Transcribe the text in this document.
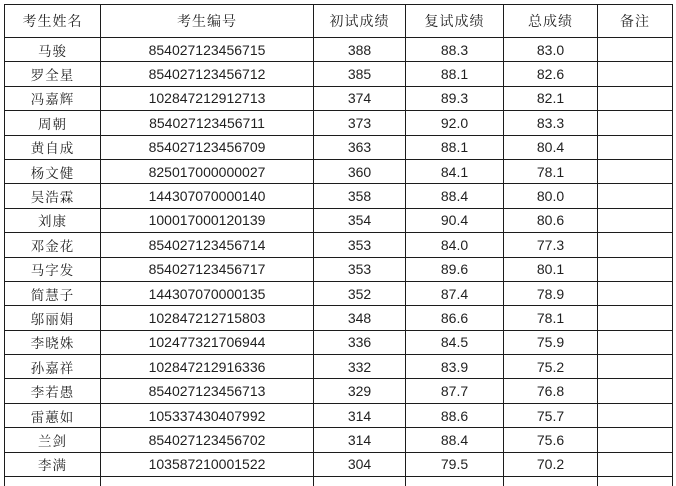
考生姓名	考生编号	初试成绩	复试成绩	总成绩	备注
马骏	854027123456715	388	88.3	83.0	
罗全星	854027123456712	385	88.1	82.6	
冯嘉辉	102847212912713	374	89.3	82.1	
周朝	854027123456711	373	92.0	83.3	
黄自成	854027123456709	363	88.1	80.4	
杨文健	825017000000027	360	84.1	78.1	
吴浩霖	144307070000140	358	88.4	80.0	
刘康	100017000120139	354	90.4	80.6	
邓金花	854027123456714	353	84.0	77.3	
马字发	854027123456717	353	89.6	80.1	
简慧子	144307070000135	352	87.4	78.9	
邬丽娟	102847212715803	348	86.6	78.1	
李晓姝	102477321706944	336	84.5	75.9	
孙嘉祥	102847212916336	332	83.9	75.2	
李若愚	854027123456713	329	87.7	76.8	
雷蕙如	105337430407992	314	88.6	75.7	
兰剑	854027123456702	314	88.4	75.6	
李满	103587210001522	304	79.5	70.2	
